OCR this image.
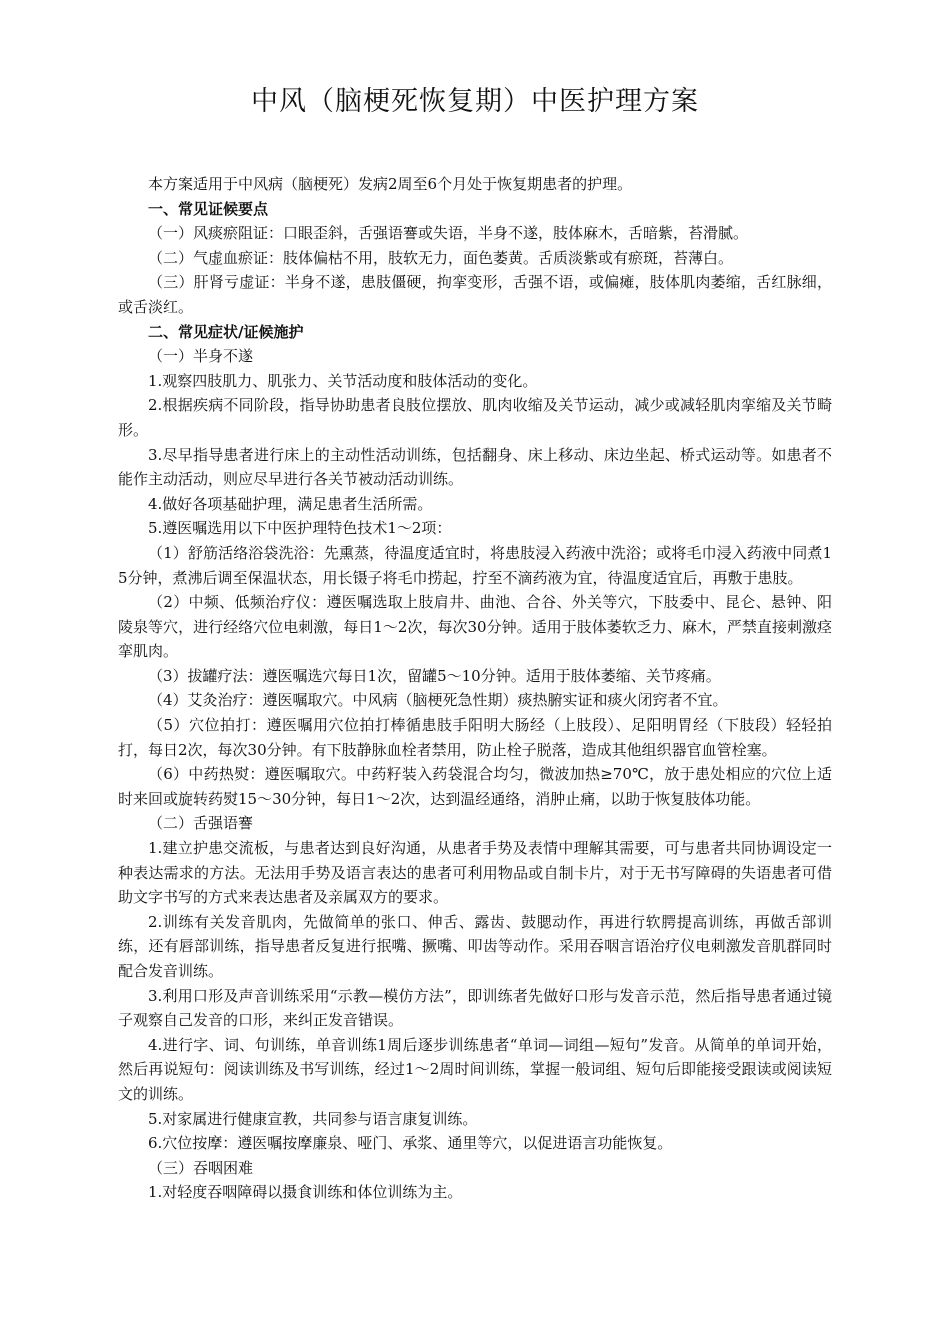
中风（脑梗死恢复期）中医护理方案

本方案适用于中风病（脑梗死）发病2周至6个月处于恢复期患者的护理。

一、常见证候要点

（一）风痰瘀阻证：口眼歪斜，舌强语謇或失语，半身不遂，肢体麻木，舌暗紫，苔滑腻。

（二）气虚血瘀证：肢体偏枯不用，肢软无力，面色萎黄。舌质淡紫或有瘀斑，苔薄白。

（三）肝肾亏虚证：半身不遂，患肢僵硬，拘挛变形，舌强不语，或偏瘫，肢体肌肉萎缩，舌红脉细，或舌淡红。

二、常见症状/证候施护

（一）半身不遂

1.观察四肢肌力、肌张力、关节活动度和肢体活动的变化。

2.根据疾病不同阶段，指导协助患者良肢位摆放、肌肉收缩及关节运动，减少或减轻肌肉挛缩及关节畸形。

3.尽早指导患者进行床上的主动性活动训练，包括翻身、床上移动、床边坐起、桥式运动等。如患者不能作主动活动，则应尽早进行各关节被动活动训练。

4.做好各项基础护理，满足患者生活所需。

5.遵医嘱选用以下中医护理特色技术1～2项：

（1）舒筋活络浴袋洗浴：先熏蒸，待温度适宜时，将患肢浸入药液中洗浴；或将毛巾浸入药液中同煮15分钟，煮沸后调至保温状态，用长镊子将毛巾捞起，拧至不滴药液为宜，待温度适宜后，再敷于患肢。

（2）中频、低频治疗仪：遵医嘱选取上肢肩井、曲池、合谷、外关等穴，下肢委中、昆仑、悬钟、阳陵泉等穴，进行经络穴位电刺激，每日1～2次，每次30分钟。适用于肢体萎软乏力、麻木，严禁直接刺激痉挛肌肉。

（3）拔罐疗法：遵医嘱选穴每日1次，留罐5～10分钟。适用于肢体萎缩、关节疼痛。

（4）艾灸治疗：遵医嘱取穴。中风病（脑梗死急性期）痰热腑实证和痰火闭窍者不宜。

（5）穴位拍打：遵医嘱用穴位拍打棒循患肢手阳明大肠经（上肢段）、足阳明胃经（下肢段）轻轻拍打，每日2次，每次30分钟。有下肢静脉血栓者禁用，防止栓子脱落，造成其他组织器官血管栓塞。

（6）中药热熨：遵医嘱取穴。中药籽装入药袋混合均匀，微波加热≥70℃，放于患处相应的穴位上适时来回或旋转药熨15～30分钟，每日1～2次，达到温经通络，消肿止痛，以助于恢复肢体功能。

（二）舌强语謇

1.建立护患交流板，与患者达到良好沟通，从患者手势及表情中理解其需要，可与患者共同协调设定一种表达需求的方法。无法用手势及语言表达的患者可利用物品或自制卡片，对于无书写障碍的失语患者可借助文字书写的方式来表达患者及亲属双方的要求。

2.训练有关发音肌肉，先做简单的张口、伸舌、露齿、鼓腮动作，再进行软腭提高训练，再做舌部训练，还有唇部训练，指导患者反复进行抿嘴、撅嘴、叩齿等动作。采用吞咽言语治疗仪电刺激发音肌群同时配合发音训练。

3.利用口形及声音训练采用“示教—模仿方法”，即训练者先做好口形与发音示范，然后指导患者通过镜子观察自己发音的口形，来纠正发音错误。

4.进行字、词、句训练，单音训练1周后逐步训练患者“单词—词组—短句”发音。从简单的单词开始，然后再说短句：阅读训练及书写训练，经过1～2周时间训练，掌握一般词组、短句后即能接受跟读或阅读短文的训练。

5.对家属进行健康宣教，共同参与语言康复训练。

6.穴位按摩：遵医嘱按摩廉泉、哑门、承浆、通里等穴，以促进语言功能恢复。

（三）吞咽困难

1.对轻度吞咽障碍以摄食训练和体位训练为主。
